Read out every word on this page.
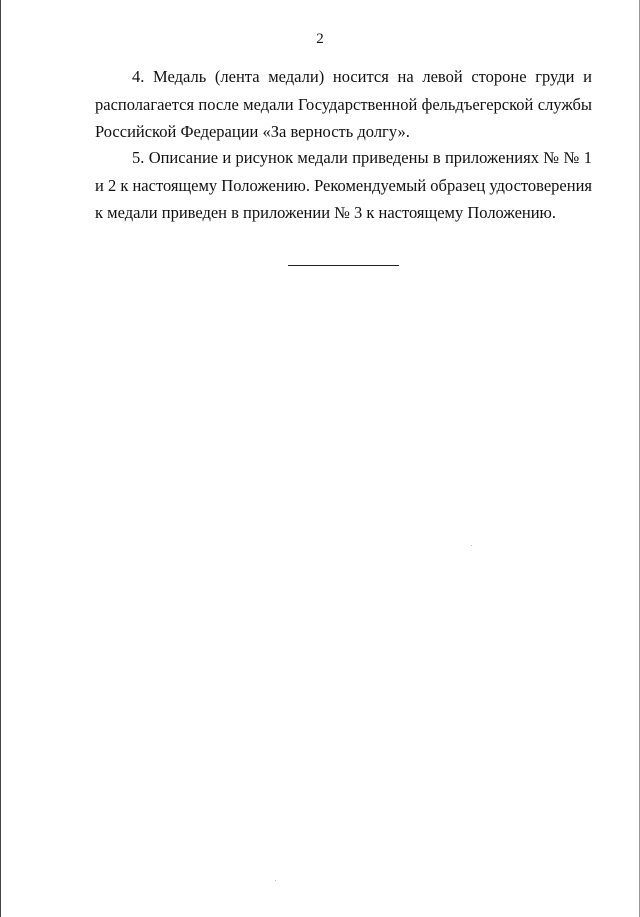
2

4. Медаль (лента медали) носится на левой стороне груди и располагается после медали Государственной фельдъегерской службы Российской Федерации «За верность долгу».

5. Описание и рисунок медали приведены в приложениях № № 1 и 2 к настоящему Положению. Рекомендуемый образец удостоверения к медали приведен в приложении № 3 к настоящему Положению.
